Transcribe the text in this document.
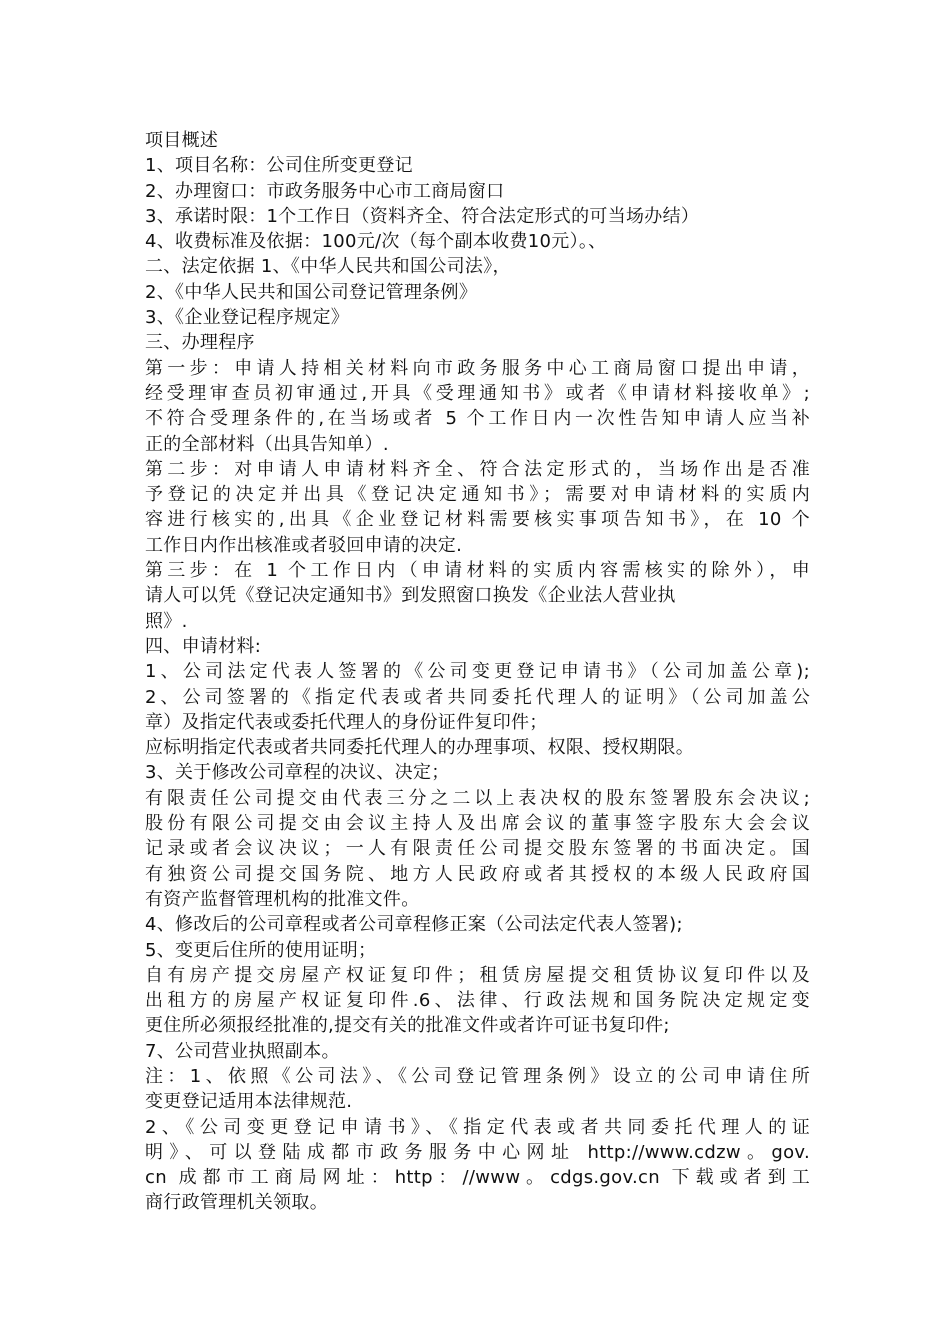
项目概述
1、项目名称：公司住所变更登记
2、办理窗口：市政务服务中心市工商局窗口
3、承诺时限：1个工作日（资料齐全、符合法定形式的可当场办结）
4、收费标准及依据：100元/次（每个副本收费10元）。、
二、法定依据 1、《中华人民共和国公司法》，
2、《中华人民共和国公司登记管理条例》
3、《企业登记程序规定》
三、办理程序
第一步：申请人持相关材料向市政务服务中心工商局窗口提出申请，
经受理审查员初审通过,开具《受理通知书》或者《申请材料接收单》;
不符合受理条件的,在当场或者 5 个工作日内一次性告知申请人应当补
正的全部材料（出具告知单）.
第二步：对申请人申请材料齐全、符合法定形式的，当场作出是否准
予登记的决定并出具《登记决定通知书》；需要对申请材料的实质内
容进行核实的,出具《企业登记材料需要核实事项告知书》，在 10 个
工作日内作出核准或者驳回申请的决定.
第三步：在 1 个工作日内（申请材料的实质内容需核实的除外），申
请人可以凭《登记决定通知书》到发照窗口换发《企业法人营业执
照》.
四、申请材料:
1、公司法定代表人签署的《公司变更登记申请书》（公司加盖公章);
2、公司签署的《指定代表或者共同委托代理人的证明》（公司加盖公
章）及指定代表或委托代理人的身份证件复印件；
应标明指定代表或者共同委托代理人的办理事项、权限、授权期限。
3、关于修改公司章程的决议、决定；
有限责任公司提交由代表三分之二以上表决权的股东签署股东会决议;
股份有限公司提交由会议主持人及出席会议的董事签字股东大会会议
记录或者会议决议；一人有限责任公司提交股东签署的书面决定。国
有独资公司提交国务院、地方人民政府或者其授权的本级人民政府国
有资产监督管理机构的批准文件。
4、修改后的公司章程或者公司章程修正案（公司法定代表人签署);
5、变更后住所的使用证明；
自有房产提交房屋产权证复印件；租赁房屋提交租赁协议复印件以及
出租方的房屋产权证复印件.6、法律、行政法规和国务院决定规定变
更住所必须报经批准的,提交有关的批准文件或者许可证书复印件;
7、公司营业执照副本。
注：1、依照《公司法》、《公司登记管理条例》设立的公司申请住所
变更登记适用本法律规范.
2、《公司变更登记申请书》、《指定代表或者共同委托代理人的证
明》、可以登陆成都市政务服务中心网址 http://www.cdzw。gov.
cn 成都市工商局网址：http：//www。cdgs.gov.cn 下载或者到工
商行政管理机关领取。
